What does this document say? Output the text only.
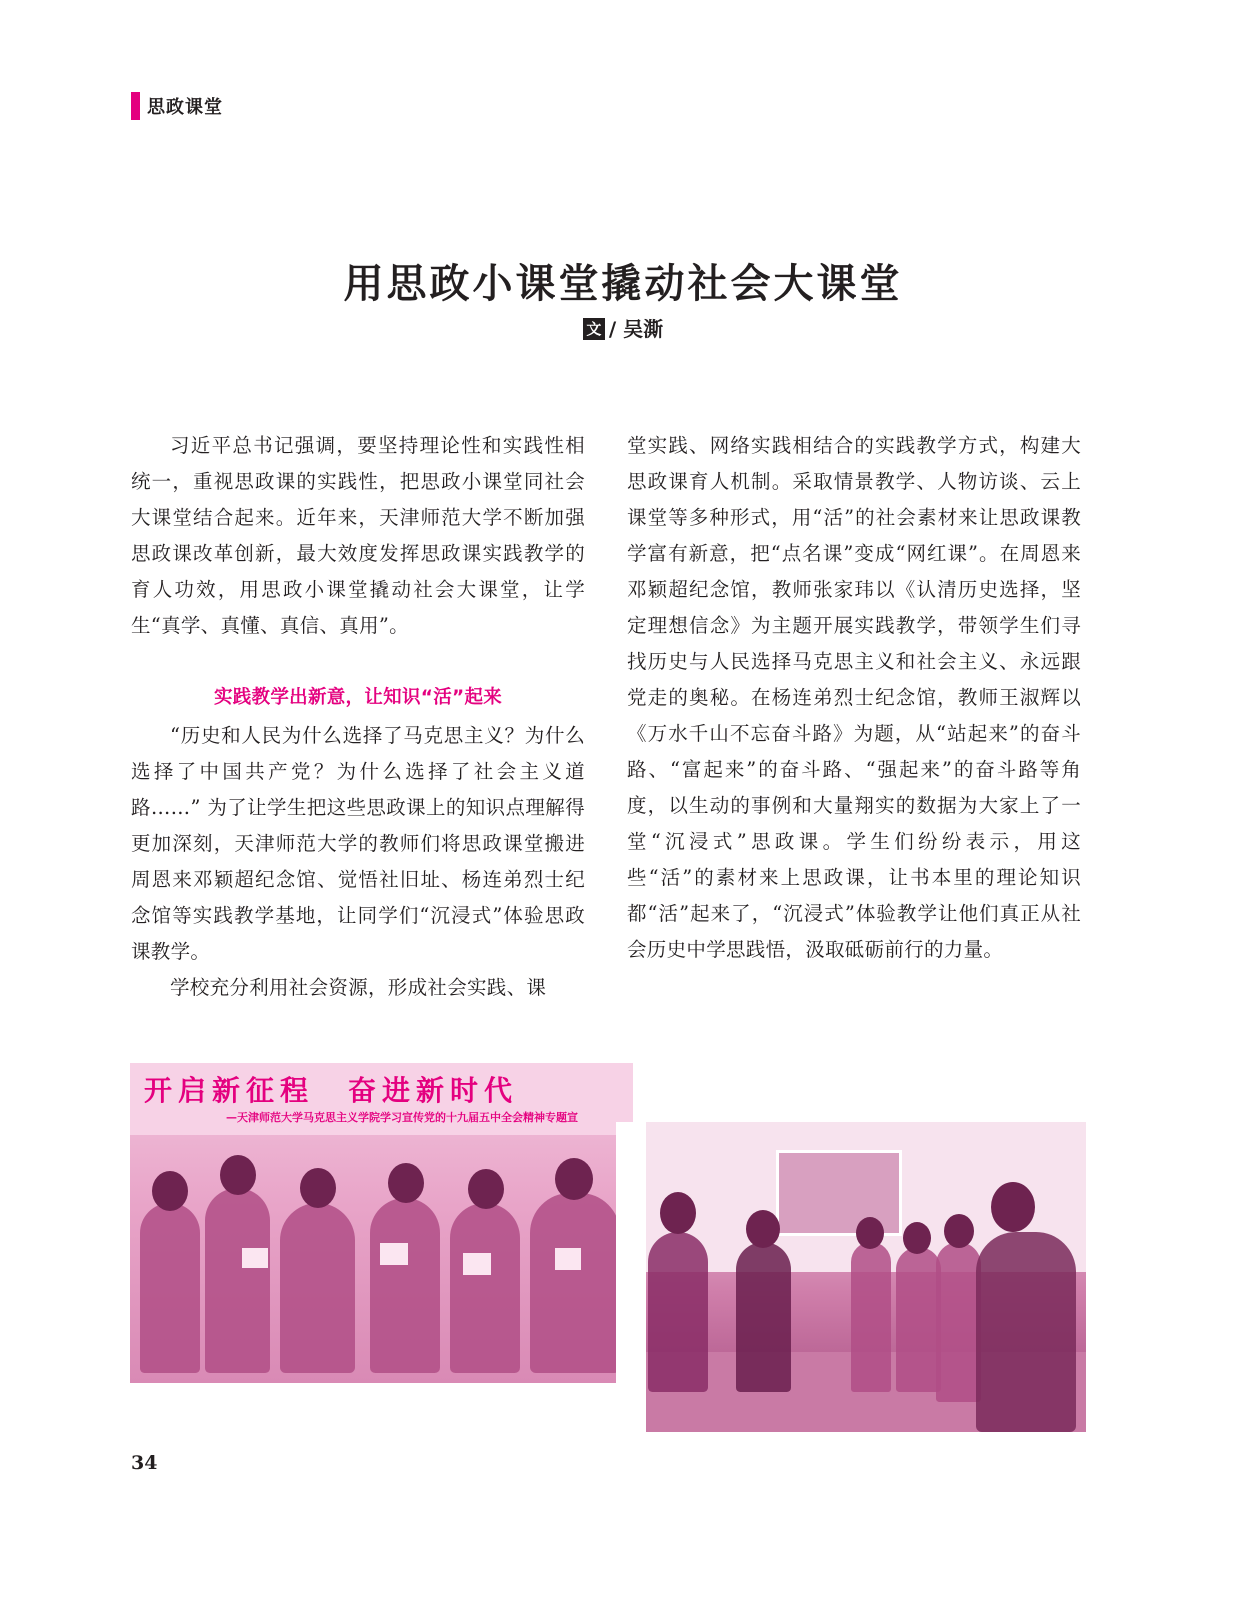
思政课堂
用思政小课堂撬动社会大课堂
文 / 吴澌

习近平总书记强调，要坚持理论性和实践性相统一，重视思政课的实践性，把思政小课堂同社会大课堂结合起来。近年来，天津师范大学不断加强思政课改革创新，最大效度发挥思政课实践教学的育人功效，用思政小课堂撬动社会大课堂，让学生“真学、真懂、真信、真用”。

实践教学出新意，让知识“活”起来

“历史和人民为什么选择了马克思主义？为什么选择了中国共产党？为什么选择了社会主义道路……” 为了让学生把这些思政课上的知识点理解得更加深刻，天津师范大学的教师们将思政课堂搬进周恩来邓颖超纪念馆、觉悟社旧址、杨连弟烈士纪念馆等实践教学基地，让同学们“沉浸式”体验思政课教学。

学校充分利用社会资源，形成社会实践、课

堂实践、网络实践相结合的实践教学方式，构建大思政课育人机制。采取情景教学、人物访谈、云上课堂等多种形式，用“活”的社会素材来让思政课教学富有新意，把“点名课”变成“网红课”。在周恩来邓颖超纪念馆，教师张家玮以《认清历史选择，坚定理想信念》为主题开展实践教学，带领学生们寻找历史与人民选择马克思主义和社会主义、永远跟党走的奥秘。在杨连弟烈士纪念馆，教师王淑辉以《万水千山不忘奋斗路》为题，从“站起来”的奋斗路、“富起来”的奋斗路、“强起来”的奋斗路等角度，以生动的事例和大量翔实的数据为大家上了一堂“沉浸式”思政课。学生们纷纷表示，用这些“活”的素材来上思政课，让书本里的理论知识都“活”起来了，“沉浸式”体验教学让他们真正从社会历史中学思践悟，汲取砥砺前行的力量。

开启新征程　奋进新时代
—天津师范大学马克思主义学院学习宣传党的十九届五中全会精神专题宣
34
